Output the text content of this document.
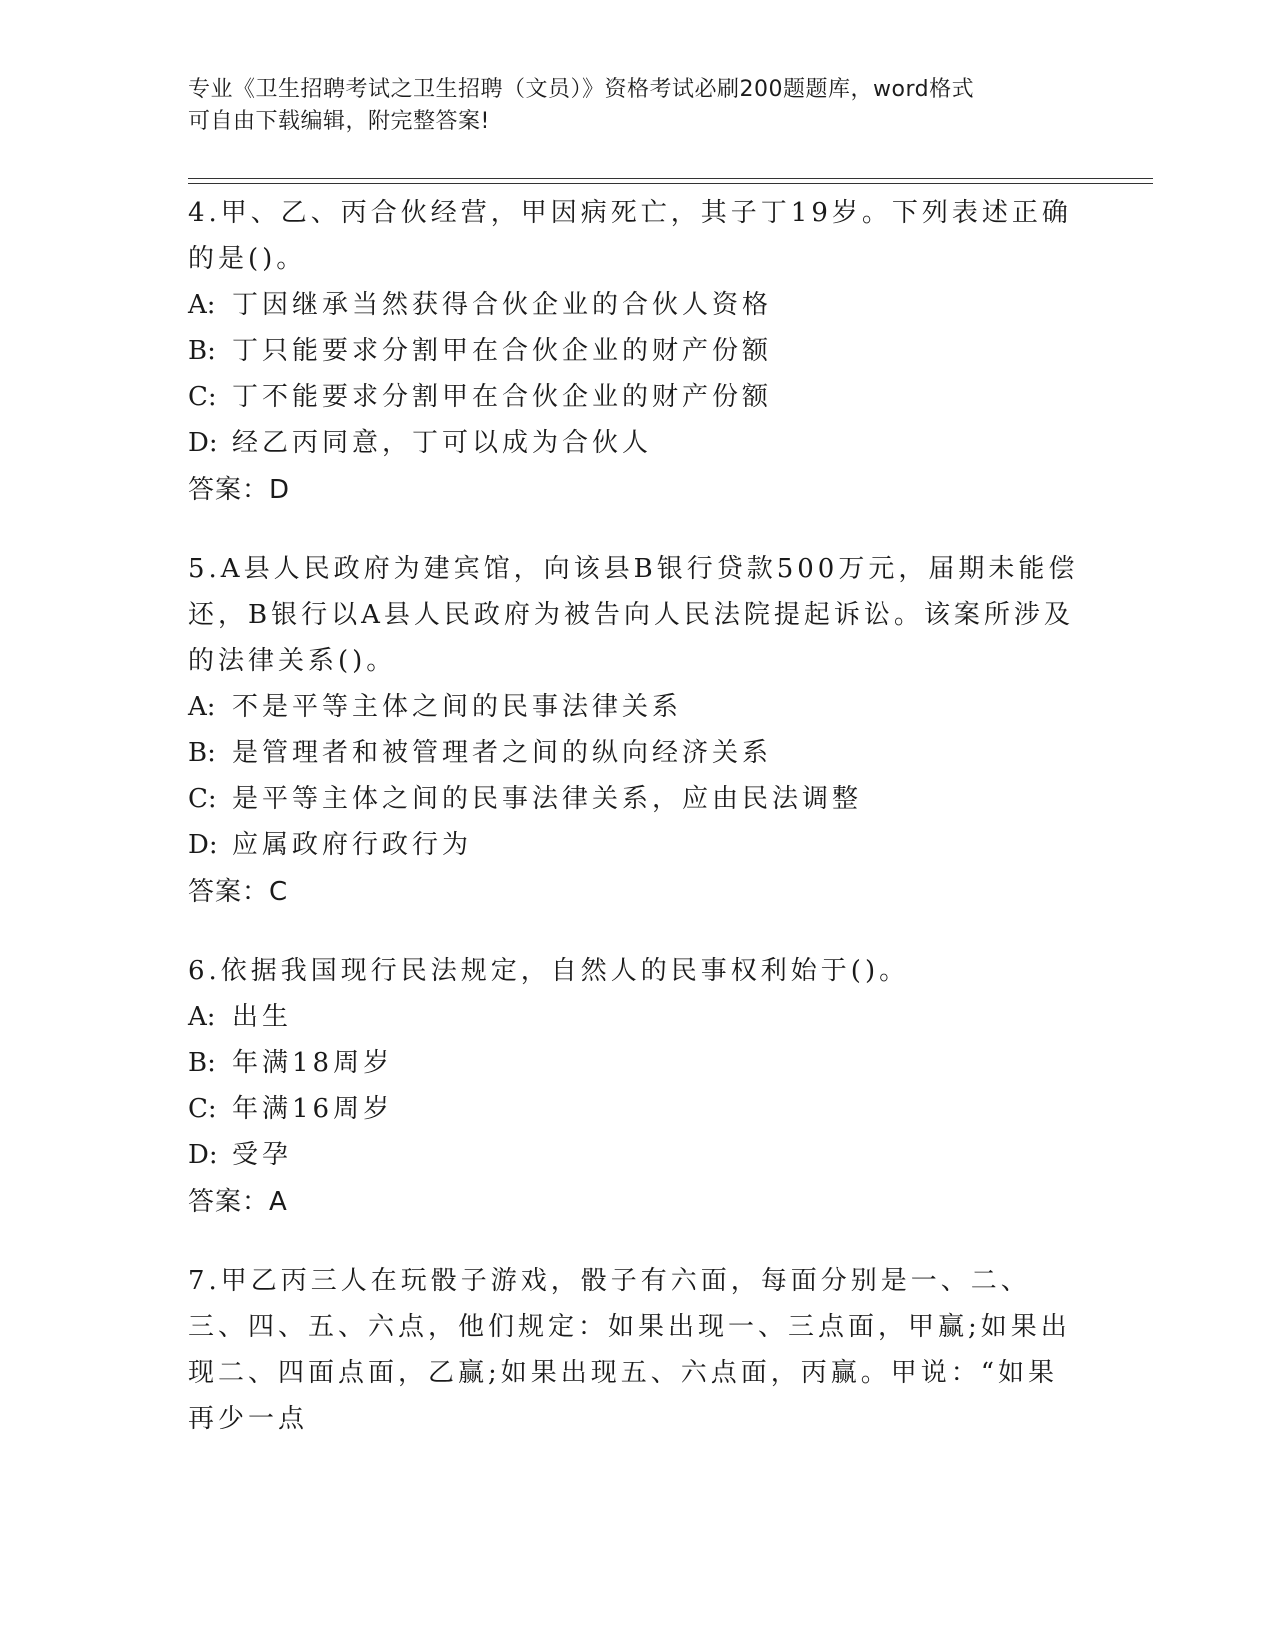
专业《卫生招聘考试之卫生招聘（文员）》资格考试必刷200题题库，word格式
可自由下载编辑，附完整答案!

4.甲、乙、丙合伙经营，甲因病死亡，其子丁19岁。下列表述正确的是()。

A: 丁因继承当然获得合伙企业的合伙人资格

B: 丁只能要求分割甲在合伙企业的财产份额

C: 丁不能要求分割甲在合伙企业的财产份额

D: 经乙丙同意，丁可以成为合伙人

答案：D

5.A县人民政府为建宾馆，向该县B银行贷款500万元，届期未能偿还，B银行以A县人民政府为被告向人民法院提起诉讼。该案所涉及的法律关系()。

A: 不是平等主体之间的民事法律关系

B: 是管理者和被管理者之间的纵向经济关系

C: 是平等主体之间的民事法律关系，应由民法调整

D: 应属政府行政行为

答案：C

6.依据我国现行民法规定，自然人的民事权利始于()。

A: 出生

B: 年满18周岁

C: 年满16周岁

D: 受孕

答案：A

7.甲乙丙三人在玩骰子游戏，骰子有六面，每面分别是一、二、三、四、五、六点，他们规定：如果出现一、三点面，甲赢;如果出现二、四面点面，乙赢;如果出现五、六点面，丙赢。甲说：“如果再少一点
